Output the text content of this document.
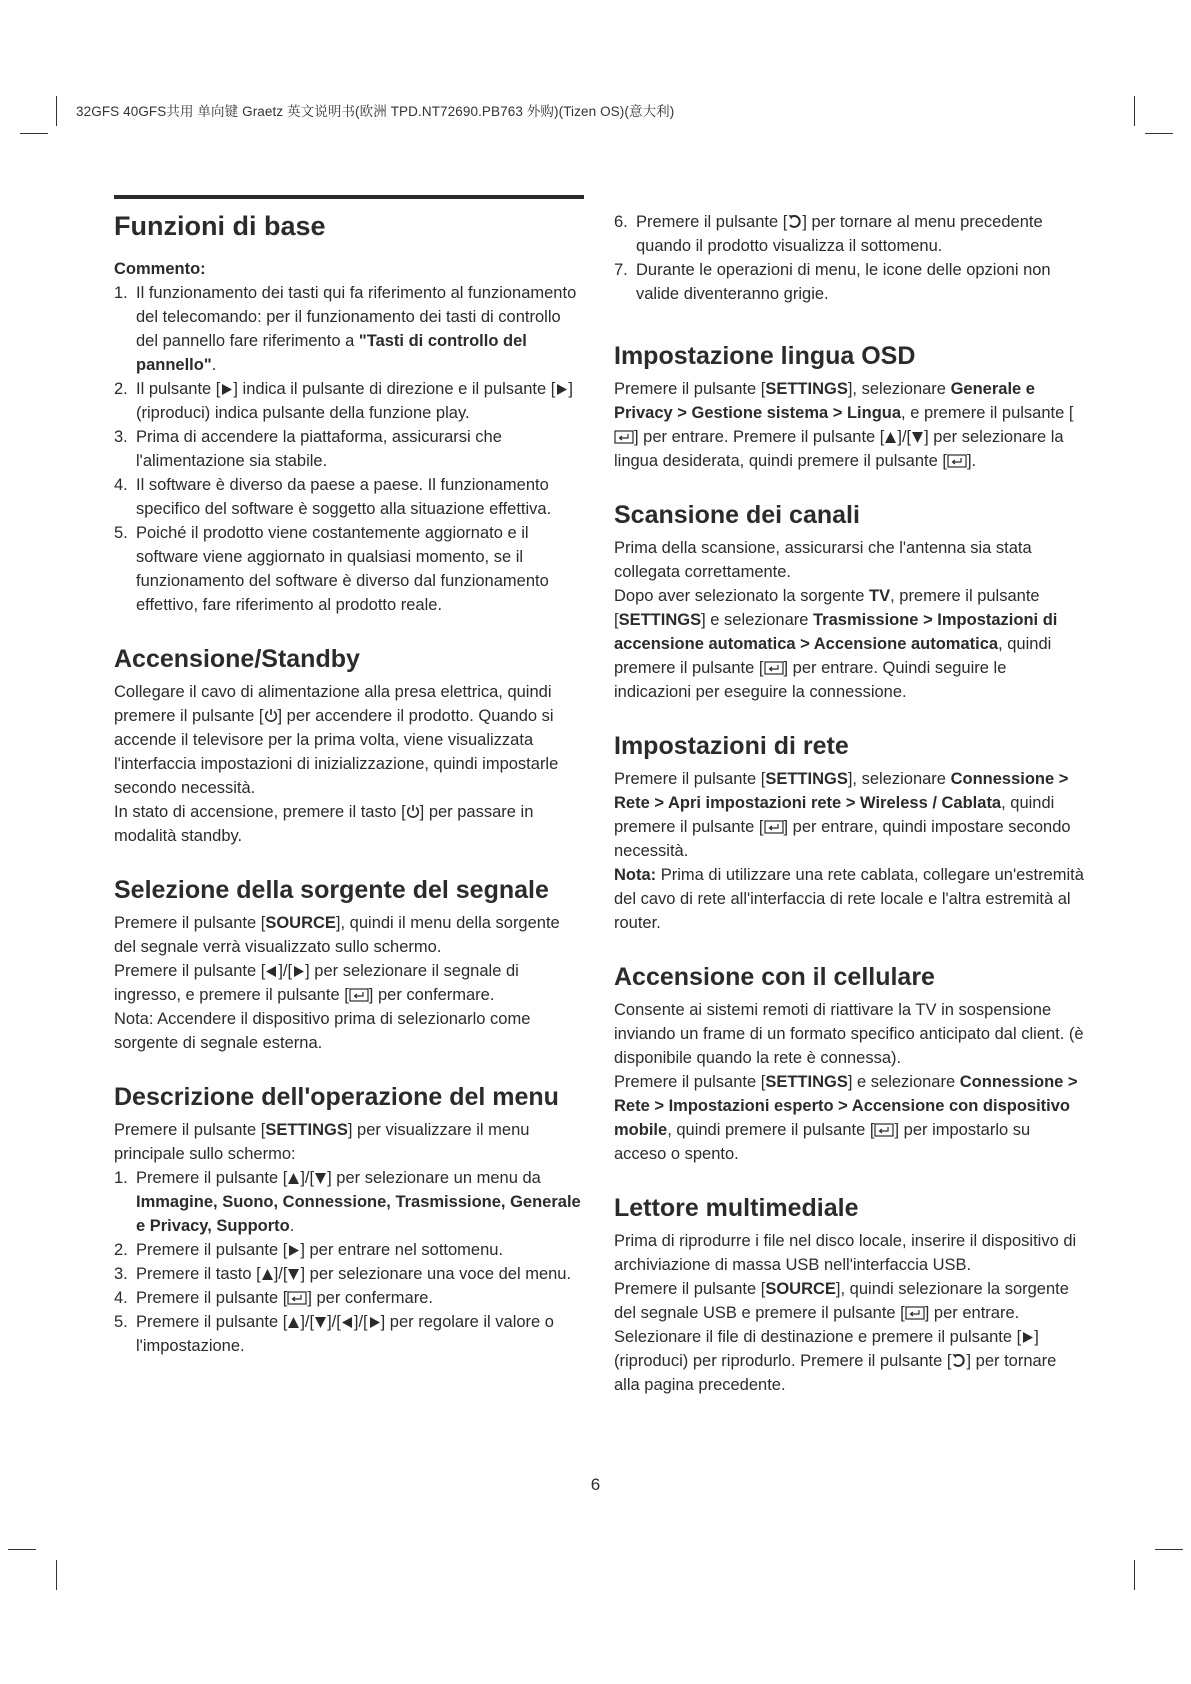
32GFS 40GFS共用 单向键 Graetz 英文说明书(欧洲 TPD.NT72690.PB763 外购)(Tizen OS)(意大利)
Funzioni di base

Commento:

1. Il funzionamento dei tasti qui fa riferimento al funzionamento del telecomando: per il funzionamento dei tasti di controllo del pannello fare riferimento a "Tasti di controllo del pannello".
2. Il pulsante [ ] indica il pulsante di direzione e il pulsante [ ] (riproduci) indica pulsante della funzione play.
3. Prima di accendere la piattaforma, assicurarsi che l'alimentazione sia stabile.
4. Il software è diverso da paese a paese. Il funzionamento specifico del software è soggetto alla situazione effettiva.
5. Poiché il prodotto viene costantemente aggiornato e il software viene aggiornato in qualsiasi momento, se il funzionamento del software è diverso dal funzionamento effettivo, fare riferimento al prodotto reale.
Accensione/Standby

Collegare il cavo di alimentazione alla presa elettrica, quindi premere il pulsante [ ] per accendere il prodotto. Quando si accende il televisore per la prima volta, viene visualizzata l'interfaccia impostazioni di inizializzazione, quindi impostarle secondo necessità.

In stato di accensione, premere il tasto [ ] per passare in modalità standby.

Selezione della sorgente del segnale

Premere il pulsante [SOURCE], quindi il menu della sorgente del segnale verrà visualizzato sullo schermo.

Premere il pulsante [ ]/[ ] per selezionare il segnale di ingresso, e premere il pulsante [ ] per confermare.

Nota: Accendere il dispositivo prima di selezionarlo come sorgente di segnale esterna.

Descrizione dell'operazione del menu

Premere il pulsante [SETTINGS] per visualizzare il menu principale sullo schermo:

1. Premere il pulsante [ ]/[ ] per selezionare un menu da Immagine, Suono, Connessione, Trasmissione, Generale e Privacy, Supporto.
2. Premere il pulsante [ ] per entrare nel sottomenu.
3. Premere il tasto [ ]/[ ] per selezionare una voce del menu.
4. Premere il pulsante [ ] per confermare.
5. Premere il pulsante [ ]/[ ]/[ ]/[ ] per regolare il valore o l'impostazione.
6. Premere il pulsante [ ] per tornare al menu precedente quando il prodotto visualizza il sottomenu.
7. Durante le operazioni di menu, le icone delle opzioni non valide diventeranno grigie.
Impostazione lingua OSD

Premere il pulsante [SETTINGS], selezionare Generale e Privacy > Gestione sistema > Lingua, e premere il pulsante [
] per entrare. Premere il pulsante [ ]/[ ] per selezionare la lingua desiderata, quindi premere il pulsante [ ].

Scansione dei canali

Prima della scansione, assicurarsi che l'antenna sia stata collegata correttamente.

Dopo aver selezionato la sorgente TV, premere il pulsante [SETTINGS] e selezionare Trasmissione > Impostazioni di accensione automatica > Accensione automatica, quindi premere il pulsante [ ] per entrare. Quindi seguire le indicazioni per eseguire la connessione.

Impostazioni di rete

Premere il pulsante [SETTINGS], selezionare Connessione > Rete > Apri impostazioni rete > Wireless / Cablata, quindi premere il pulsante [ ] per entrare, quindi impostare secondo necessità.

Nota: Prima di utilizzare una rete cablata, collegare un'estremità del cavo di rete all'interfaccia di rete locale e l'altra estremità al router.

Accensione con il cellulare

Consente ai sistemi remoti di riattivare la TV in sospensione inviando un frame di un formato specifico anticipato dal client. (è disponibile quando la rete è connessa).

Premere il pulsante [SETTINGS] e selezionare Connessione > Rete > Impostazioni esperto > Accensione con dispositivo mobile, quindi premere il pulsante [ ] per impostarlo su acceso o spento.

Lettore multimediale

Prima di riprodurre i file nel disco locale, inserire il dispositivo di archiviazione di massa USB nell'interfaccia USB.

Premere il pulsante [SOURCE], quindi selezionare la sorgente del segnale USB e premere il pulsante [ ] per entrare. Selezionare il file di destinazione e premere il pulsante [ ](riproduci) per riprodurlo. Premere il pulsante [ ] per tornare alla pagina precedente.

6
